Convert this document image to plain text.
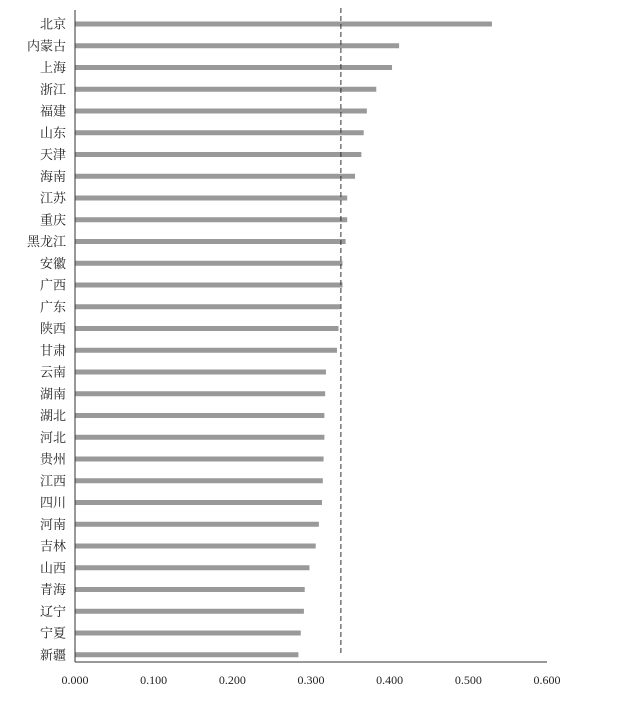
北京
内蒙古
上海
浙江
福建
山东
天津
海南
江苏
重庆
黑龙江
安徽
广西
广东
陕西
甘肃
云南
湖南
湖北
河北
贵州
江西
四川
河南
吉林
山西
青海
辽宁
宁夏
新疆
0.000	0.100	0.200	0.300	0.400	0.500	0.600
